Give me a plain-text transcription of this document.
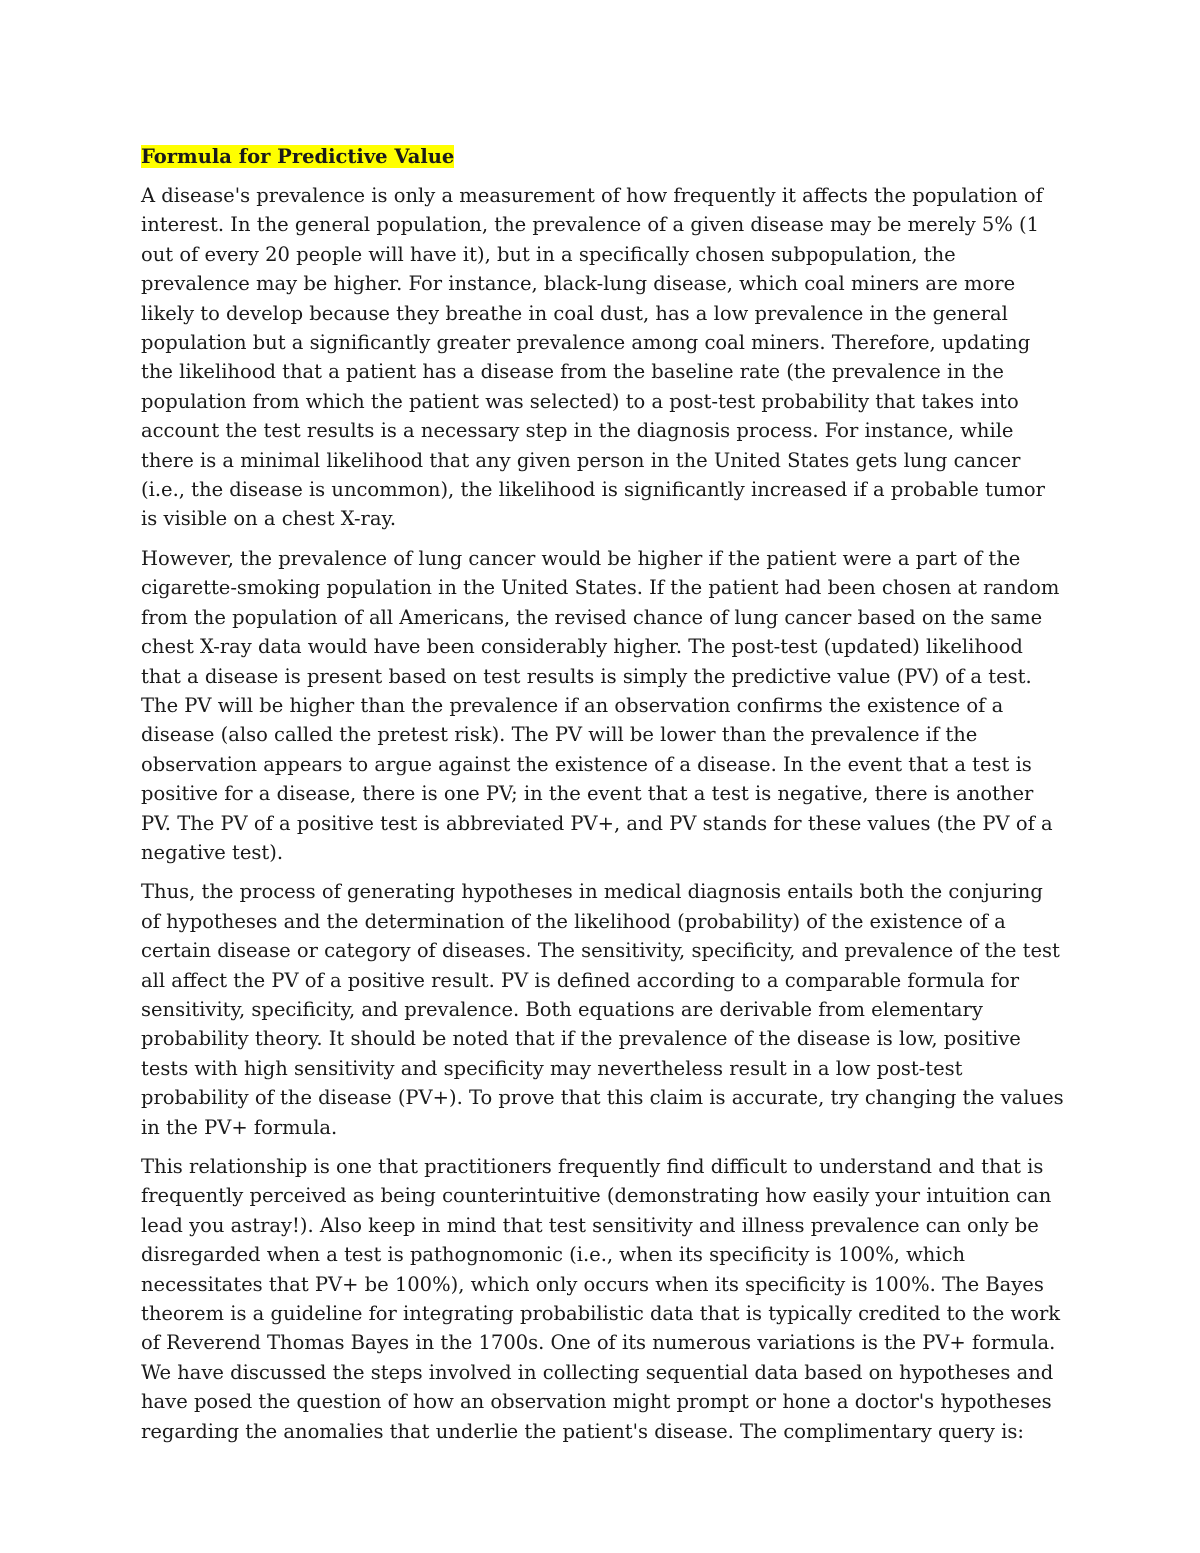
Formula for Predictive Value

A disease's prevalence is only a measurement of how frequently it affects the population of interest. In the general population, the prevalence of a given disease may be merely 5% (1 out of every 20 people will have it), but in a specifically chosen subpopulation, the prevalence may be higher. For instance, black-lung disease, which coal miners are more likely to develop because they breathe in coal dust, has a low prevalence in the general population but a significantly greater prevalence among coal miners. Therefore, updating the likelihood that a patient has a disease from the baseline rate (the prevalence in the population from which the patient was selected) to a post-test probability that takes into account the test results is a necessary step in the diagnosis process. For instance, while there is a minimal likelihood that any given person in the United States gets lung cancer (i.e., the disease is uncommon), the likelihood is significantly increased if a probable tumor is visible on a chest X-ray.

However, the prevalence of lung cancer would be higher if the patient were a part of the cigarette-smoking population in the United States. If the patient had been chosen at random from the population of all Americans, the revised chance of lung cancer based on the same chest X-ray data would have been considerably higher. The post-test (updated) likelihood that a disease is present based on test results is simply the predictive value (PV) of a test. The PV will be higher than the prevalence if an observation confirms the existence of a disease (also called the pretest risk). The PV will be lower than the prevalence if the observation appears to argue against the existence of a disease. In the event that a test is positive for a disease, there is one PV; in the event that a test is negative, there is another PV. The PV of a positive test is abbreviated PV+, and PV stands for these values (the PV of a negative test).

Thus, the process of generating hypotheses in medical diagnosis entails both the conjuring of hypotheses and the determination of the likelihood (probability) of the existence of a certain disease or category of diseases. The sensitivity, specificity, and prevalence of the test all affect the PV of a positive result. PV is defined according to a comparable formula for sensitivity, specificity, and prevalence. Both equations are derivable from elementary probability theory. It should be noted that if the prevalence of the disease is low, positive tests with high sensitivity and specificity may nevertheless result in a low post-test probability of the disease (PV+). To prove that this claim is accurate, try changing the values in the PV+ formula.

This relationship is one that practitioners frequently find difficult to understand and that is frequently perceived as being counterintuitive (demonstrating how easily your intuition can lead you astray!). Also keep in mind that test sensitivity and illness prevalence can only be disregarded when a test is pathognomonic (i.e., when its specificity is 100%, which necessitates that PV+ be 100%), which only occurs when its specificity is 100%. The Bayes theorem is a guideline for integrating probabilistic data that is typically credited to the work of Reverend Thomas Bayes in the 1700s. One of its numerous variations is the PV+ formula. We have discussed the steps involved in collecting sequential data based on hypotheses and have posed the question of how an observation might prompt or hone a doctor's hypotheses regarding the anomalies that underlie the patient's disease. The complimentary query is:
